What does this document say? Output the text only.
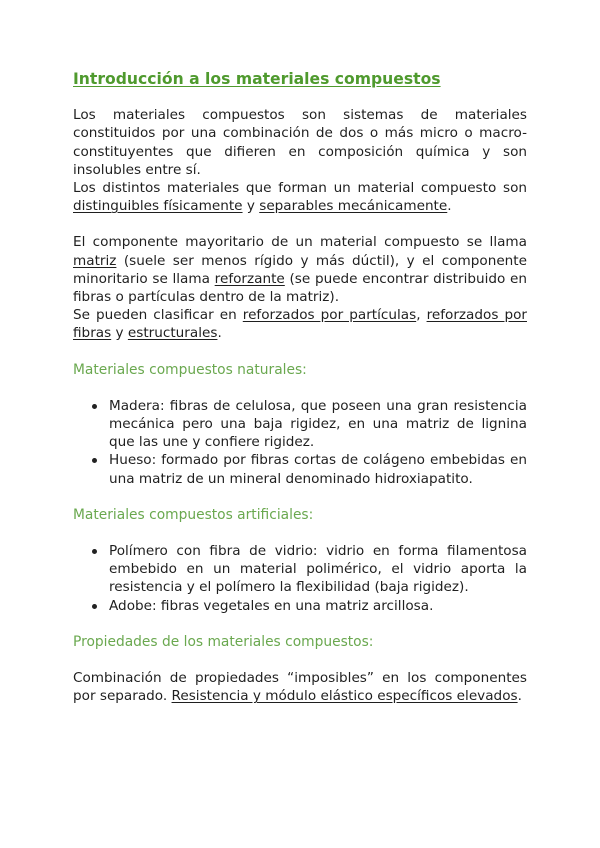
Introducción a los materiales compuestos

Los materiales compuestos son sistemas de materiales constituidos por una combinación de dos o más micro o macro-constituyentes que difieren en composición química y son insolubles entre sí.

Los distintos materiales que forman un material compuesto son distinguibles físicamente y separables mecánicamente.

El componente mayoritario de un material compuesto se llama matriz (suele ser menos rígido y más dúctil), y el componente minoritario se llama reforzante (se puede encontrar distribuido en fibras o partículas dentro de la matriz).

Se pueden clasificar en reforzados por partículas, reforzados por fibras y estructurales.

Materiales compuestos naturales:
Madera: fibras de celulosa, que poseen una gran resistencia mecánica pero una baja rigidez, en una matriz de lignina que las une y confiere rigidez.
Hueso: formado por fibras cortas de colágeno embebidas en una matriz de un mineral denominado hidroxiapatito.
Materiales compuestos artificiales:
Polímero con fibra de vidrio: vidrio en forma filamentosa embebido en un material polimérico, el vidrio aporta la resistencia y el polímero la flexibilidad (baja rigidez).
Adobe: fibras vegetales en una matriz arcillosa.
Propiedades de los materiales compuestos:

Combinación de propiedades “imposibles” en los componentes por separado. Resistencia y módulo elástico específicos elevados.
